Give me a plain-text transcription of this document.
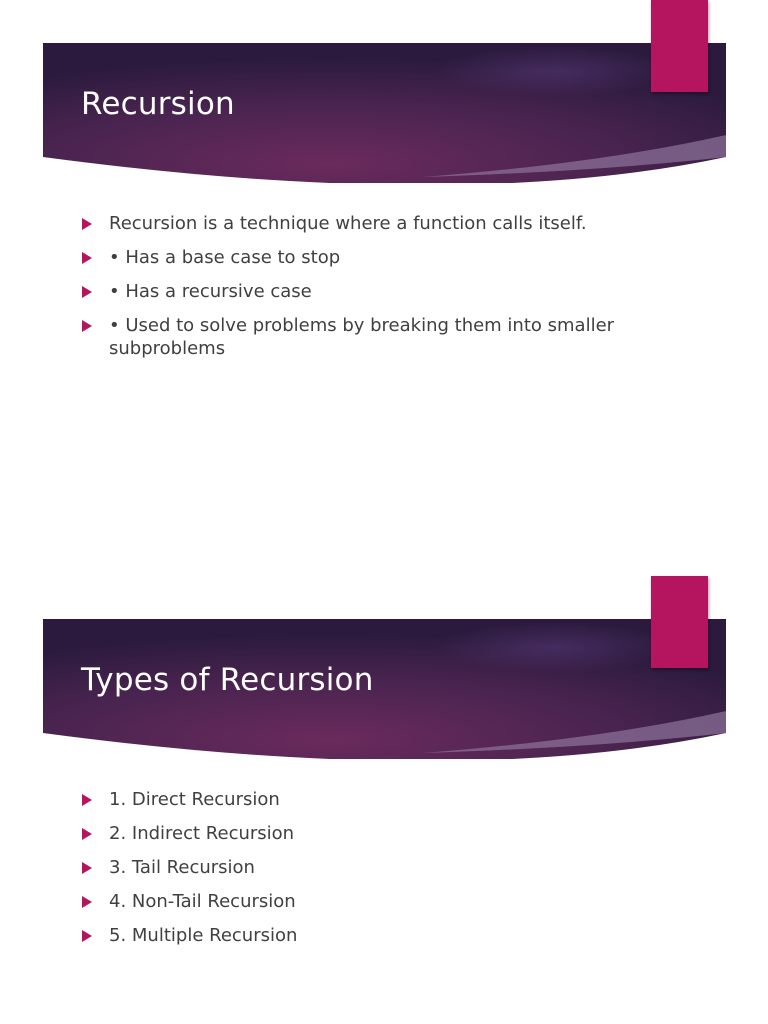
Recursion
Recursion is a technique where a function calls itself.
• Has a base case to stop
• Has a recursive case
• Used to solve problems by breaking them into smaller subproblems
Types of Recursion
1. Direct Recursion
2. Indirect Recursion
3. Tail Recursion
4. Non-Tail Recursion
5. Multiple Recursion
